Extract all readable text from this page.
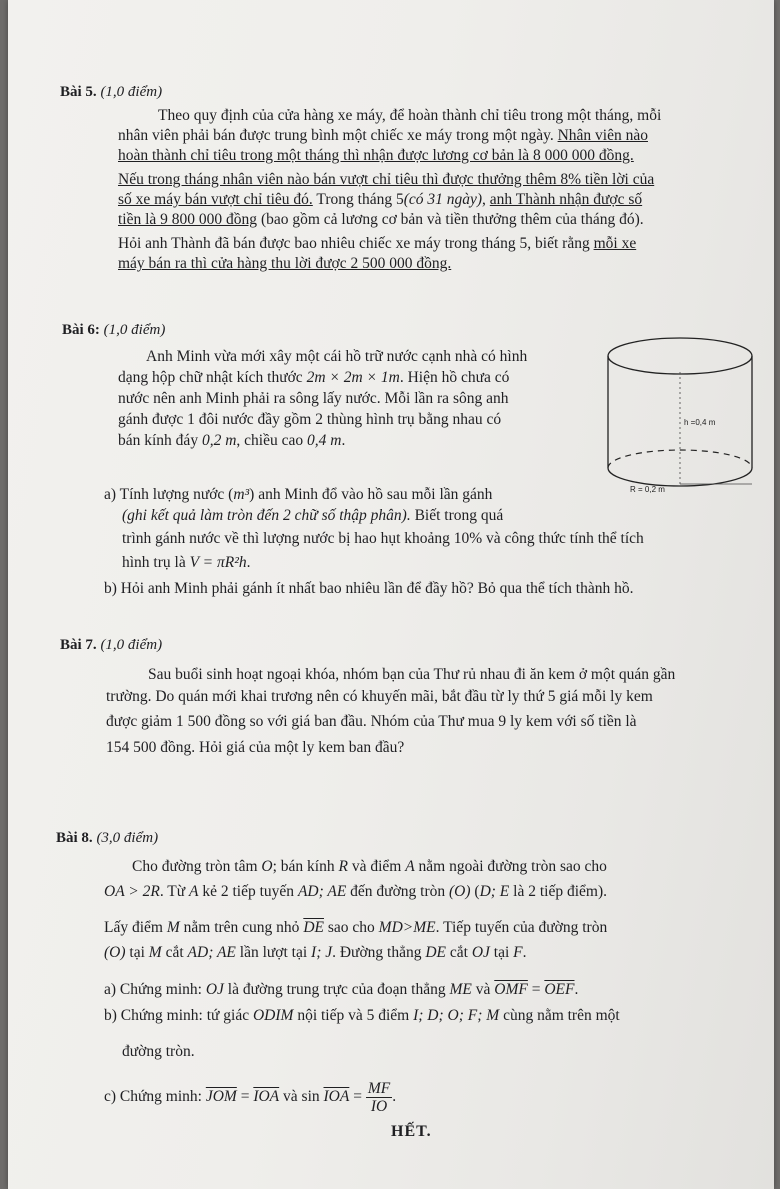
Bài 5. (1,0 điểm)
Theo quy định của cửa hàng xe máy, để hoàn thành chỉ tiêu trong một tháng, mỗi
nhân viên phải bán được trung bình một chiếc xe máy trong một ngày. Nhân viên nào
hoàn thành chỉ tiêu trong một tháng thì nhận được lương cơ bản là 8 000 000 đồng.
Nếu trong tháng nhân viên nào bán vượt chỉ tiêu thì được thưởng thêm 8% tiền lời của
số xe máy bán vượt chỉ tiêu đó. Trong tháng 5(có 31 ngày), anh Thành nhận được số
tiền là 9 800 000 đồng (bao gồm cả lương cơ bản và tiền thưởng thêm của tháng đó).
Hỏi anh Thành đã bán được bao nhiêu chiếc xe máy trong tháng 5, biết rằng mỗi xe
máy bán ra thì cửa hàng thu lời được 2 500 000 đồng.
Bài 6: (1,0 điểm)
Anh Minh vừa mới xây một cái hồ trữ nước cạnh nhà có hình
dạng hộp chữ nhật kích thước 2m × 2m × 1m. Hiện hồ chưa có
nước nên anh Minh phải ra sông lấy nước. Mỗi lần ra sông anh
gánh được 1 đôi nước đầy gồm 2 thùng hình trụ bằng nhau có
bán kính đáy 0,2 m, chiều cao 0,4 m.
h =0,4 m
R = 0,2 m
a) Tính lượng nước (m³) anh Minh đổ vào hồ sau mỗi lần gánh
(ghi kết quả làm tròn đến 2 chữ số thập phân). Biết trong quá
trình gánh nước về thì lượng nước bị hao hụt khoảng 10% và công thức tính thể tích
hình trụ là V = πR²h.
b) Hỏi anh Minh phải gánh ít nhất bao nhiêu lần để đầy hồ? Bỏ qua thể tích thành hồ.
Bài 7. (1,0 điểm)
Sau buổi sinh hoạt ngoại khóa, nhóm bạn của Thư rủ nhau đi ăn kem ở một quán gần
trường. Do quán mới khai trương nên có khuyến mãi, bắt đầu từ ly thứ 5 giá mỗi ly kem
được giảm 1 500 đồng so với giá ban đầu. Nhóm của Thư mua 9 ly kem với số tiền là
154 500 đồng. Hỏi giá của một ly kem ban đầu?
Bài 8. (3,0 điểm)
Cho đường tròn tâm O; bán kính R và điểm A nằm ngoài đường tròn sao cho
OA > 2R. Từ A kẻ 2 tiếp tuyến AD; AE đến đường tròn (O) (D; E là 2 tiếp điểm).
Lấy điểm M nằm trên cung nhỏ $\overline{DE}$ sao cho MD>ME. Tiếp tuyến của đường tròn
(O) tại M cắt AD; AE lần lượt tại I; J. Đường thẳng DE cắt OJ tại F.
a) Chứng minh: OJ là đường trung trực của đoạn thẳng ME và $\overline{OMF} = \overline{OEF}$.
b) Chứng minh: tứ giác ODIM nội tiếp và 5 điểm I; D; O; F; M cùng nằm trên một
đường tròn.
c) Chứng minh: $\overline{JOM} = \overline{IOA}$ và $\sin \overline{IOA} = \frac{MF}{IO}$ .
HẾT.
